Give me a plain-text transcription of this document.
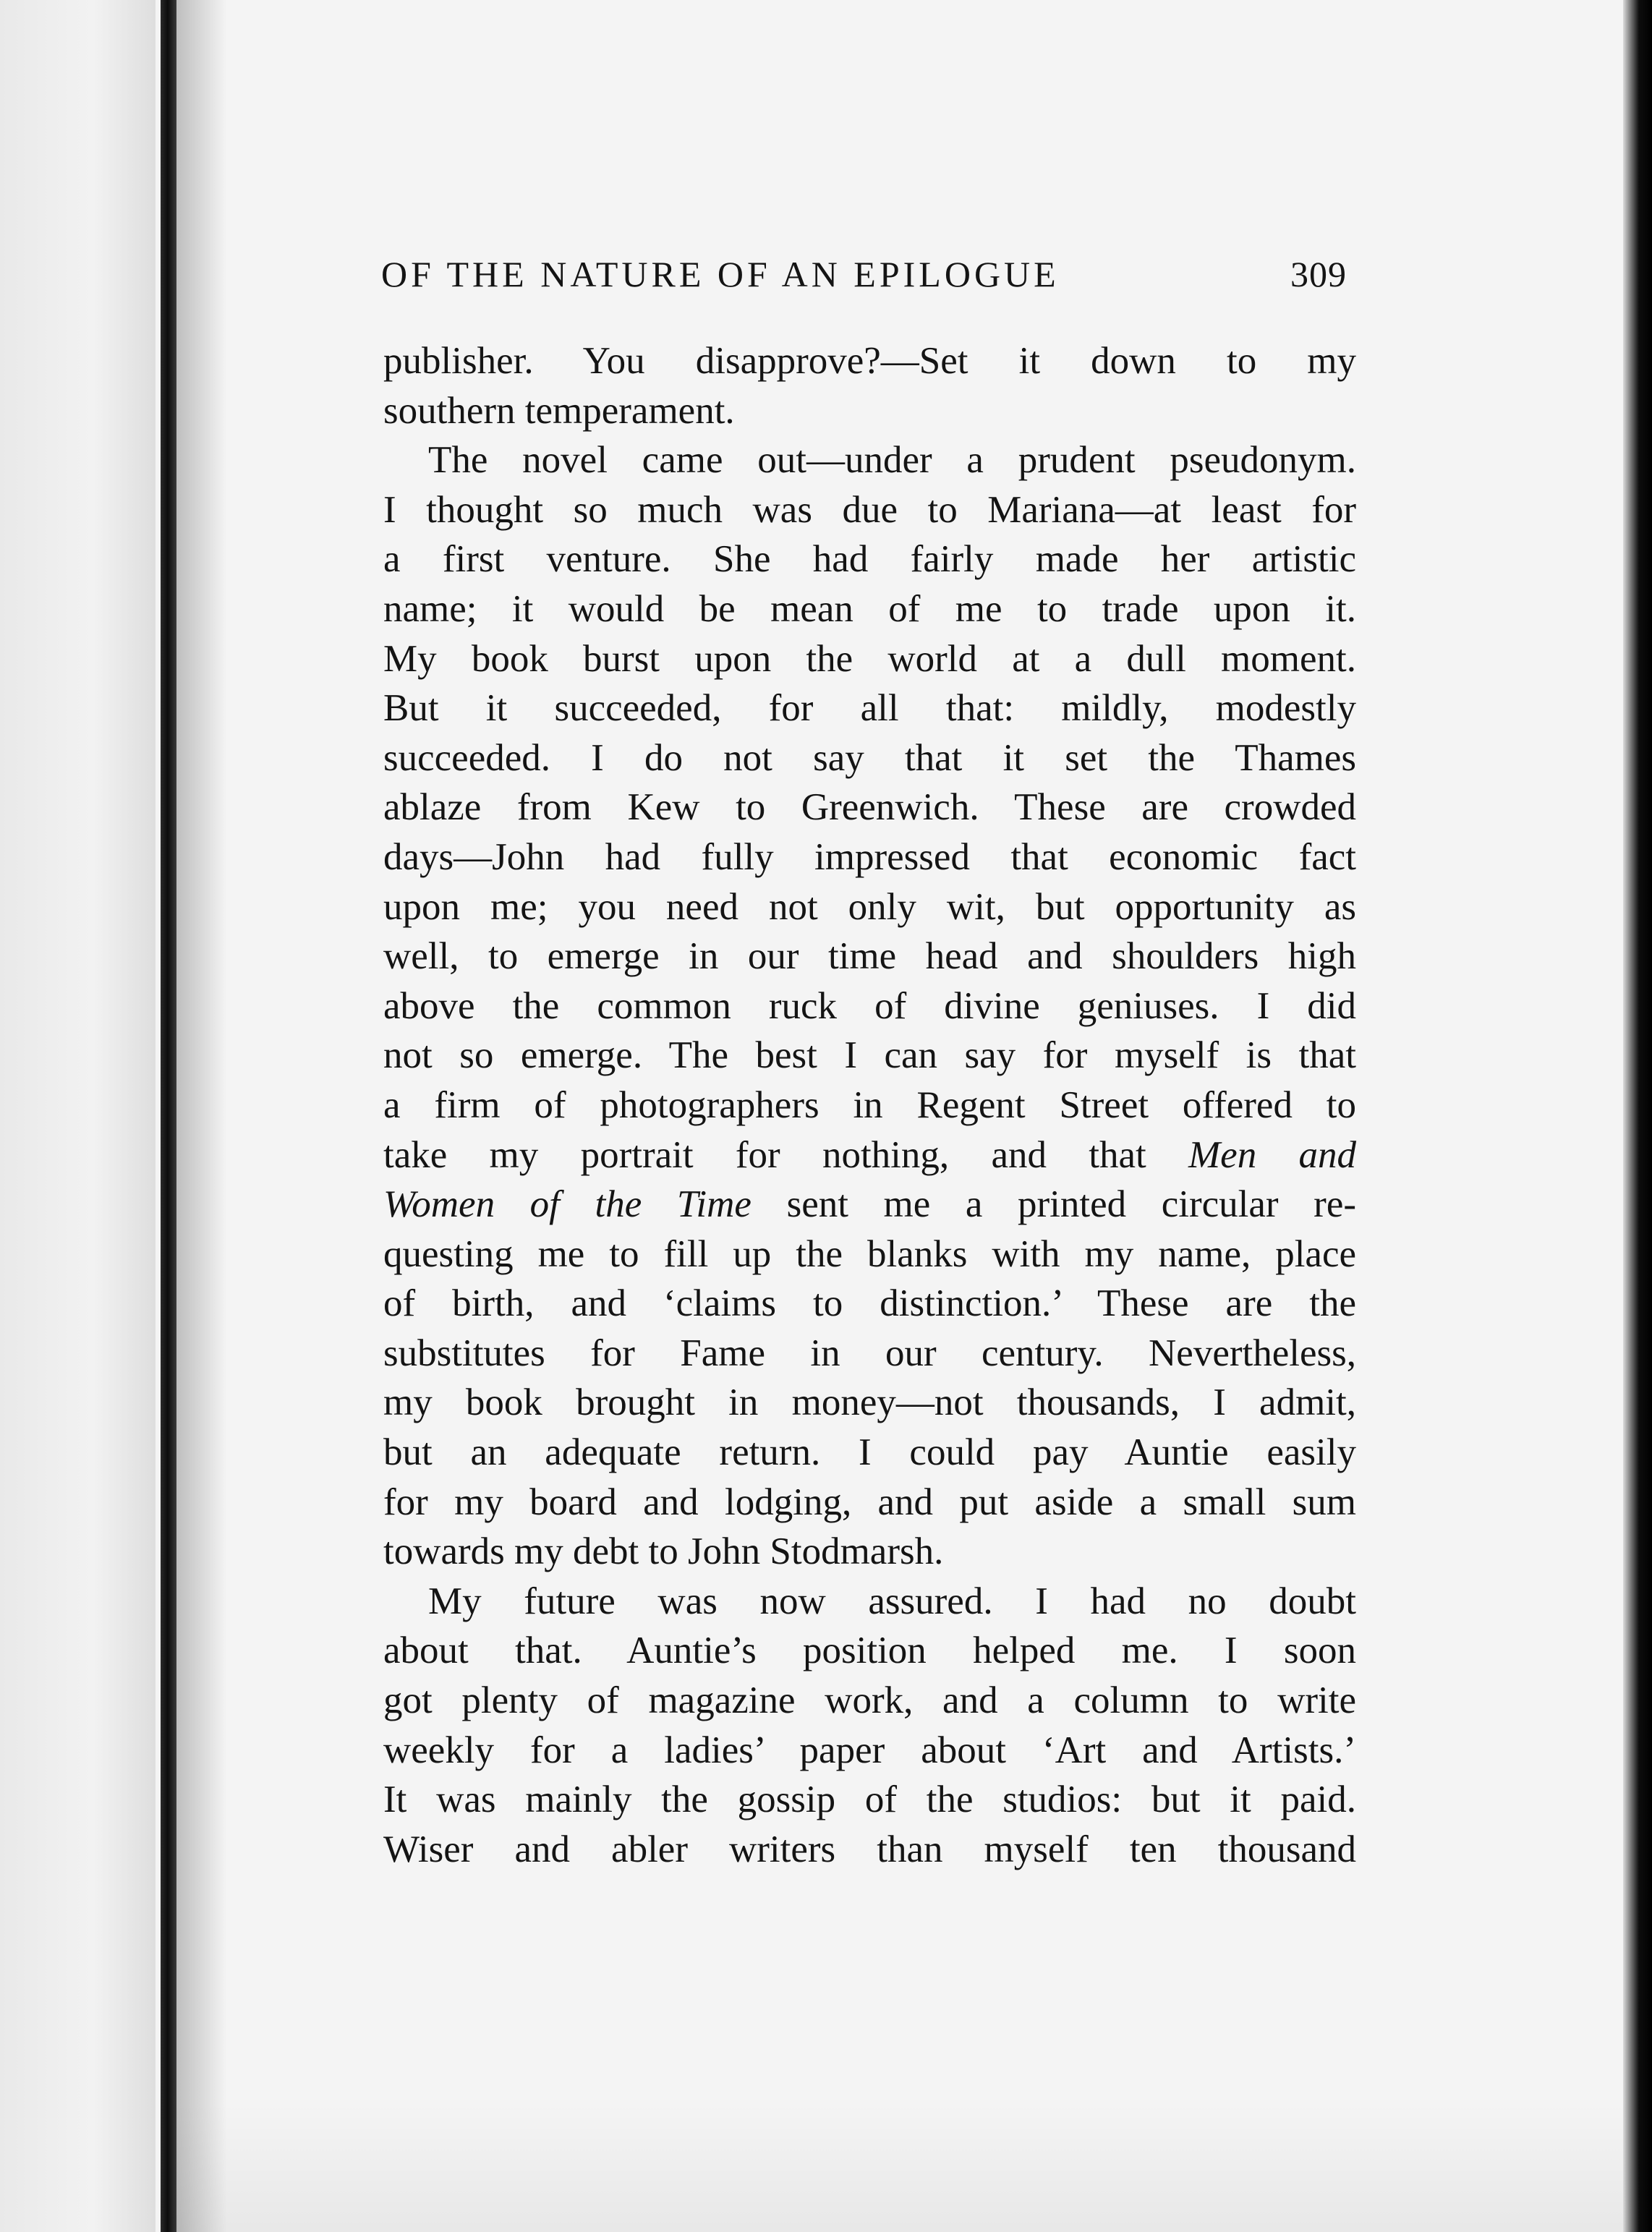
OF THE NATURE OF AN EPILOGUE	309
publisher. You disapprove?—Set it down to my
southern temperament.
The novel came out—under a prudent pseudonym.
I thought so much was due to Mariana—at least for
a first venture. She had fairly made her artistic
name; it would be mean of me to trade upon it.
My book burst upon the world at a dull moment.
But it succeeded, for all that: mildly, modestly
succeeded. I do not say that it set the Thames
ablaze from Kew to Greenwich. These are crowded
days—John had fully impressed that economic fact
upon me; you need not only wit, but opportunity as
well, to emerge in our time head and shoulders high
above the common ruck of divine geniuses. I did
not so emerge. The best I can say for myself is that
a firm of photographers in Regent Street offered to
take my portrait for nothing, and that Men and
Women of the Time sent me a printed circular re-
questing me to fill up the blanks with my name, place
of birth, and ‘claims to distinction.’ These are the
substitutes for Fame in our century. Nevertheless,
my book brought in money—not thousands, I admit,
but an adequate return. I could pay Auntie easily
for my board and lodging, and put aside a small sum
towards my debt to John Stodmarsh.
My future was now assured. I had no doubt
about that. Auntie’s position helped me. I soon
got plenty of magazine work, and a column to write
weekly for a ladies’ paper about ‘Art and Artists.’
It was mainly the gossip of the studios: but it paid.
Wiser and abler writers than myself ten thousand
